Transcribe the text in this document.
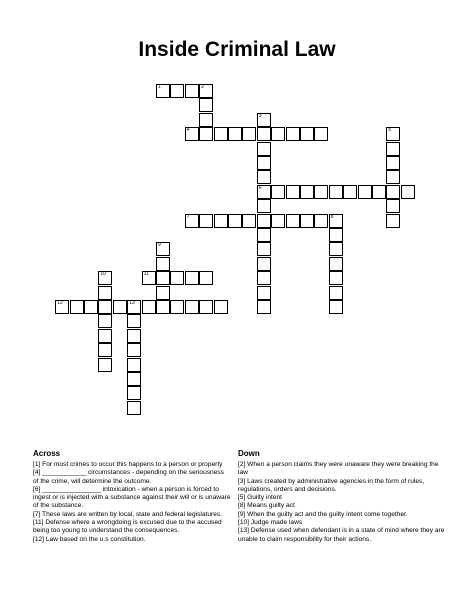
Inside Criminal Law
1	2
3
6
4	5
7	8
9
10	11
12	13
Across

[1] For most crimes to occur this happens to a person or property

[4] ____________ circumstances - depending on the seriousness of the crime, will determine the outcome.

[6] ________________ intoxication - when a person is forced to ingest or is injected with a substance against their will or is unaware of the substance.

[7] These laws are written by local, state and federal legislatures.

[11] Defense where a wrongdoing is excused due to the accused being too young to understand the consequences.

[12] Law based on the u.s constitution.

Down

[2] When a person claims they were unaware they were breaking the law

[3] Laws created by administrative agencies in the form of rules, regulations, orders and decisions.

[5] Guilty intent

[8] Means guilty act

[9] When the guilty act and the guilty intent come together.

[10] Judge made laws

[13] Defense used when defendant is in a state of mind where they are unable to claim responsibility for their actions.
